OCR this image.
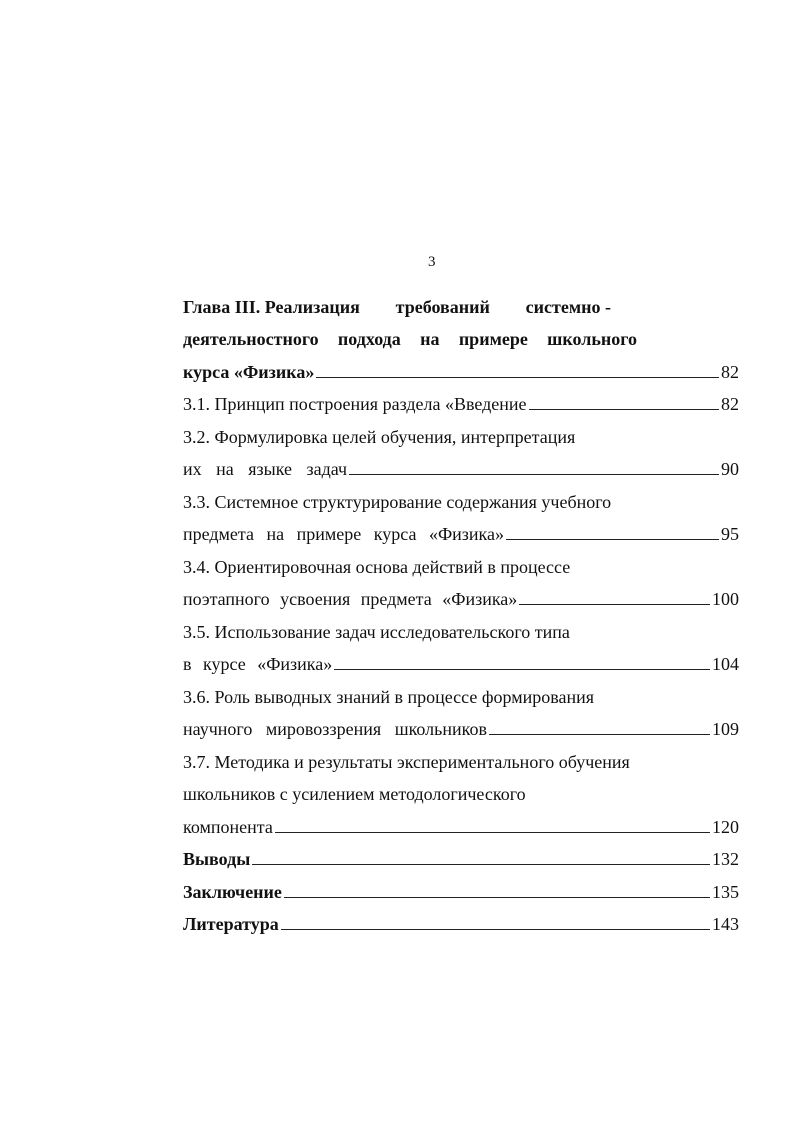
3
Глава III. Реализация требований системно -
деятельностного подхода на примере школьного
курса «Физика»	82
3.1. Принцип построения раздела «Введение	82
3.2. Формулировка целей обучения, интерпретация
их на языке задач	90
3.3. Системное структурирование содержания учебного
предмета на примере курса «Физика»	95
3.4. Ориентировочная основа действий в процессе
поэтапного усвоения предмета «Физика»	100
3.5. Использование задач исследовательского типа
в курсе «Физика»	104
3.6. Роль выводных знаний в процессе формирования
научного мировоззрения школьников	109
3.7. Методика и результаты экспериментального обучения
школьников с усилением методологического
компонента	120
Выводы	132
Заключение	135
Литература	143
